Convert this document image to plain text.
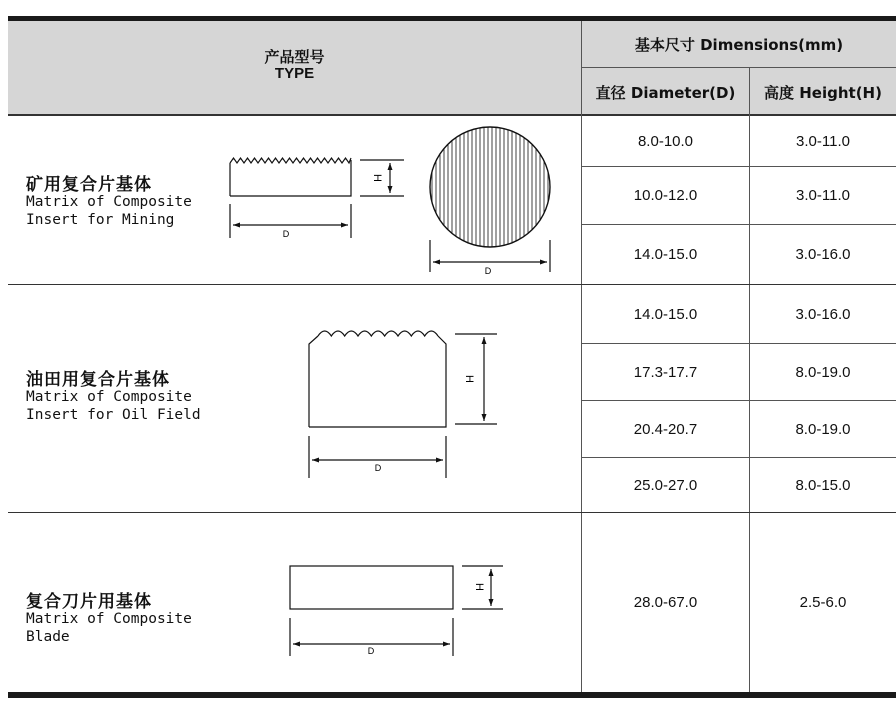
产品型号
TYPE
基本尺寸 Dimensions(mm)
直径 Diameter(D)	高度 Height(H)
矿用复合片基体
Matrix of Composite
Insert for Mining
8.0-10.0	3.0-11.0
10.0-12.0	3.0-11.0
14.0-15.0	3.0-16.0
油田用复合片基体
Matrix of Composite
Insert for Oil Field
14.0-15.0	3.0-16.0
17.3-17.7	8.0-19.0
20.4-20.7	8.0-19.0
25.0-27.0	8.0-15.0
复合刀片用基体
Matrix of Composite
Blade
28.0-67.0	2.5-6.0
D
H
D
D
H
D
H
